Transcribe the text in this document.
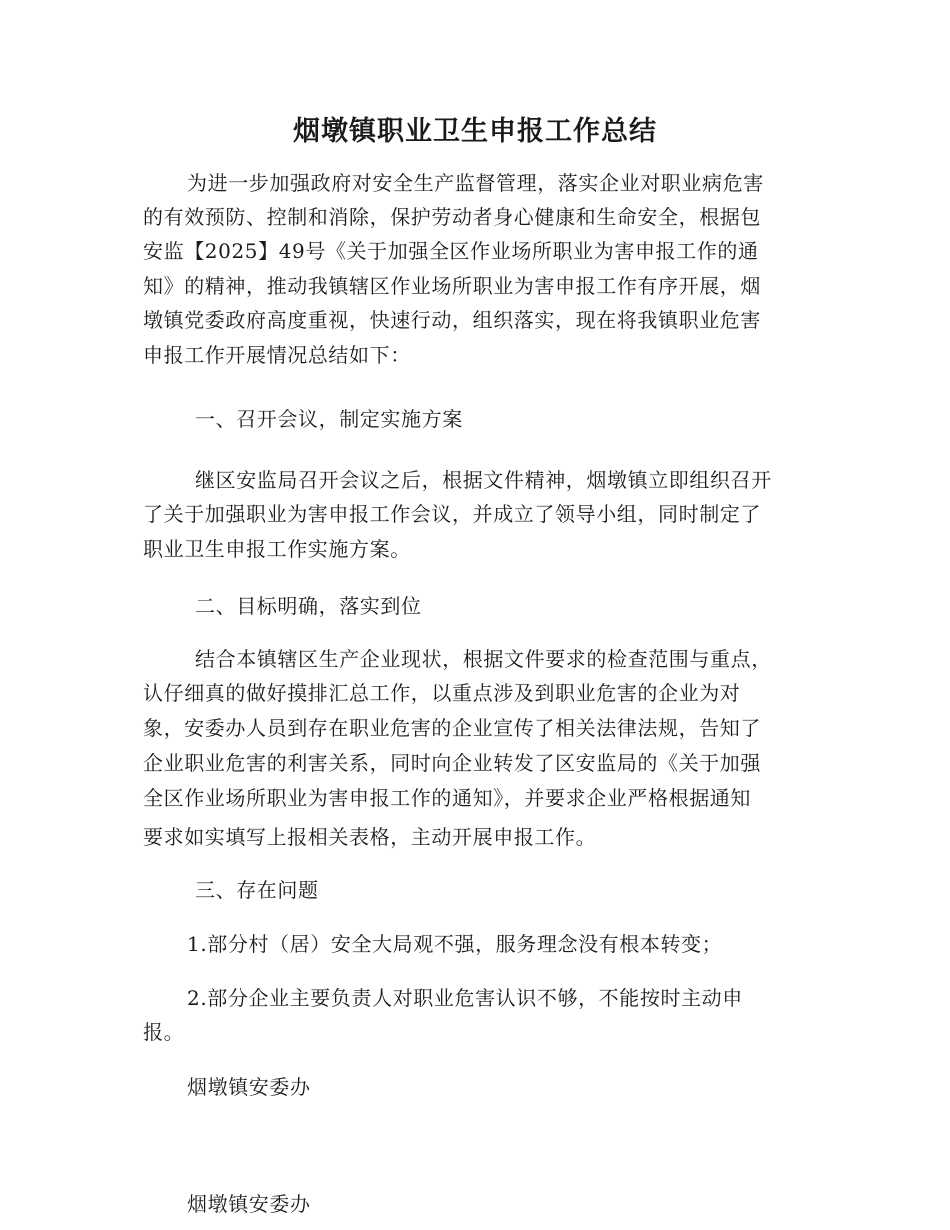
烟墩镇职业卫生申报工作总结

为进一步加强政府对安全生产监督管理，落实企业对职业病危害

的有效预防、控制和消除，保护劳动者身心健康和生命安全，根据包

安监【2025】49号《关于加强全区作业场所职业为害申报工作的通

知》的精神，推动我镇辖区作业场所职业为害申报工作有序开展，烟

墩镇党委政府高度重视，快速行动，组织落实，现在将我镇职业危害

申报工作开展情况总结如下：

一、召开会议，制定实施方案

继区安监局召开会议之后，根据文件精神，烟墩镇立即组织召开

了关于加强职业为害申报工作会议，并成立了领导小组，同时制定了

职业卫生申报工作实施方案。

二、目标明确，落实到位

结合本镇辖区生产企业现状，根据文件要求的检查范围与重点，

认仔细真的做好摸排汇总工作，以重点涉及到职业危害的企业为对

象，安委办人员到存在职业危害的企业宣传了相关法律法规，告知了

企业职业危害的利害关系，同时向企业转发了区安监局的《关于加强

全区作业场所职业为害申报工作的通知》，并要求企业严格根据通知

要求如实填写上报相关表格，主动开展申报工作。

三、存在问题

1.部分村（居）安全大局观不强，服务理念没有根本转变；

2.部分企业主要负责人对职业危害认识不够，不能按时主动申

报。

烟墩镇安委办

烟墩镇安委办
